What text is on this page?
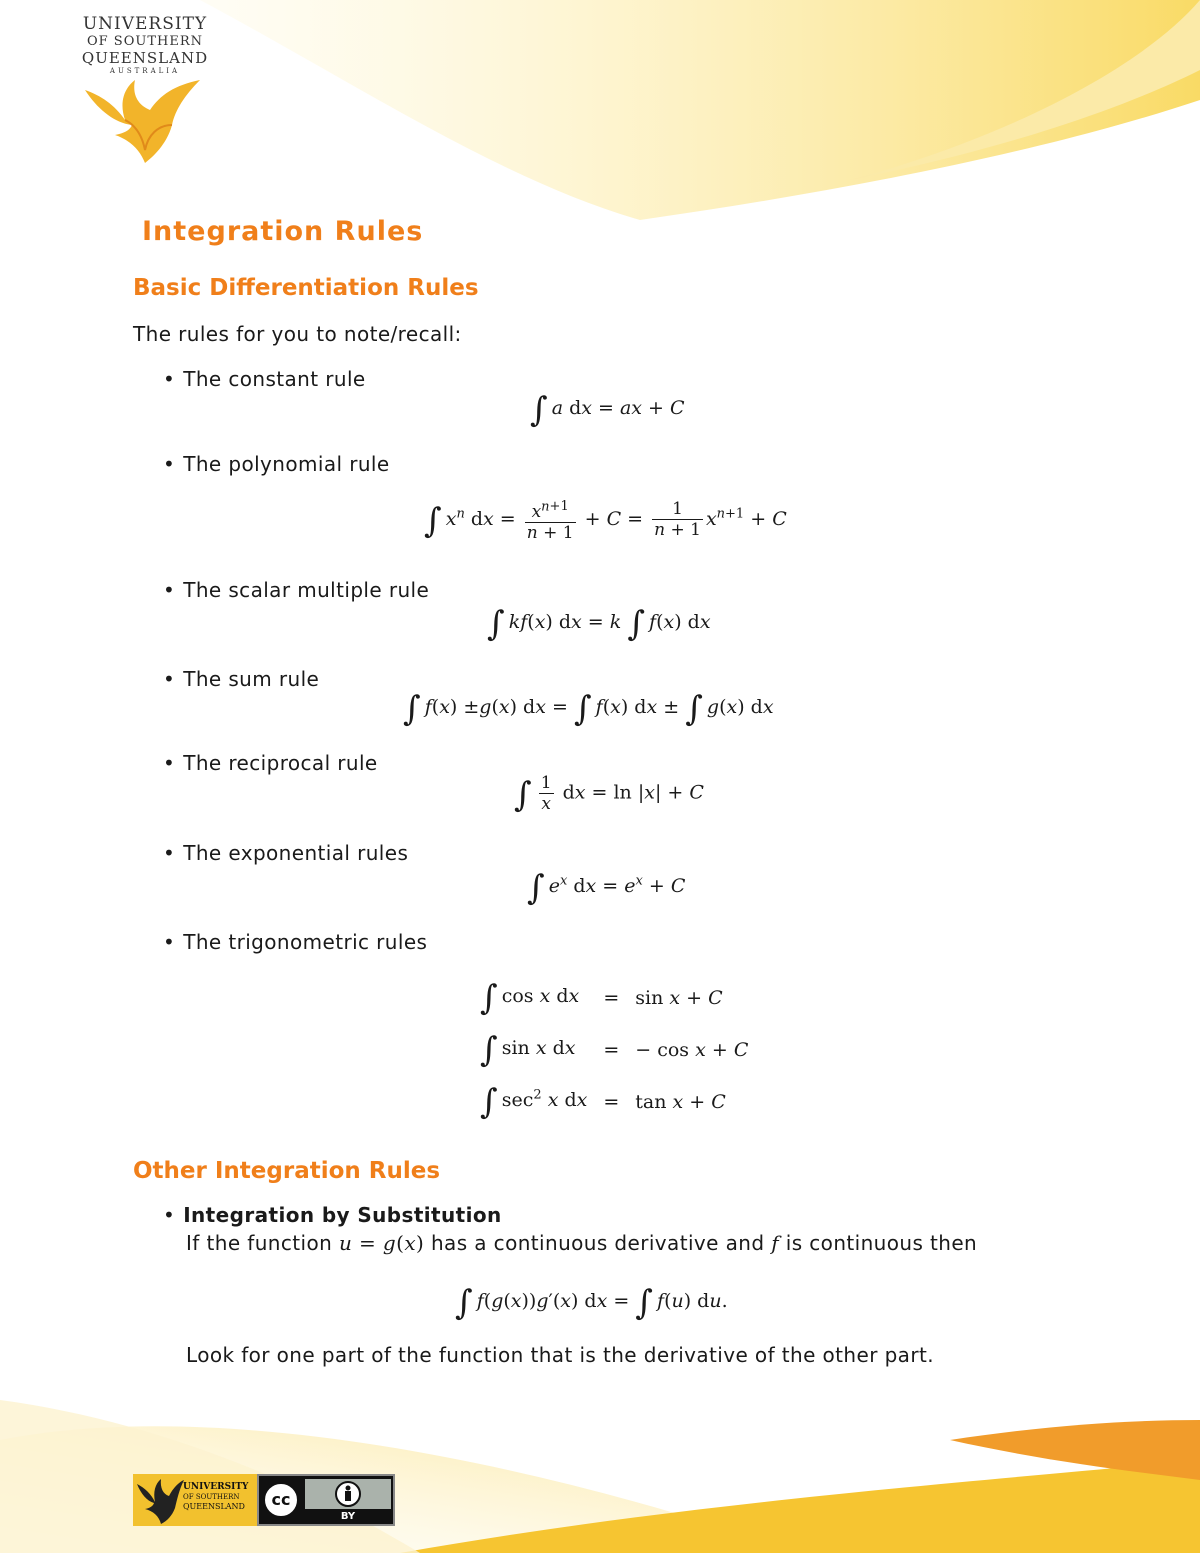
UNIVERSITY
OF SOUTHERN
QUEENSLAND
AUSTRALIA
Integration Rules
Basic Differentiation Rules
The rules for you to note/recall:
• The constant rule
∫ a dx = ax + C
• The polynomial rule
∫ $x^n$ dx = $\frac{x^{n+1}}{n + 1} + C = \frac{1}{n + 1} x^{n+1} + C$
• The scalar multiple rule
∫ kf(x) dx = k ∫ f(x) dx
• The sum rule
∫ f(x) ±g(x) dx = ∫ f(x) dx ± ∫ g(x) dx
• The reciprocal rule
∫ $\frac{1}{x}$ dx = ln |x| + C
• The exponential rules
∫ $e^x$ dx = $e^x + C$
• The trigonometric rules
∫ cos x dx	=	sin x + C
∫ sin x dx	=	− cos x + C
∫ $\sec^2 x$ dx	=	tan x + C
Other Integration Rules
• Integration by Substitution
If the function u = g(x) has a continuous derivative and f is continuous then
∫ f(g(x))g′(x) dx = ∫ f(u) du.
Look for one part of the function that is the derivative of the other part.
UNIVERSITY
OF SOUTHERN
QUEENSLAND	cc
BY
